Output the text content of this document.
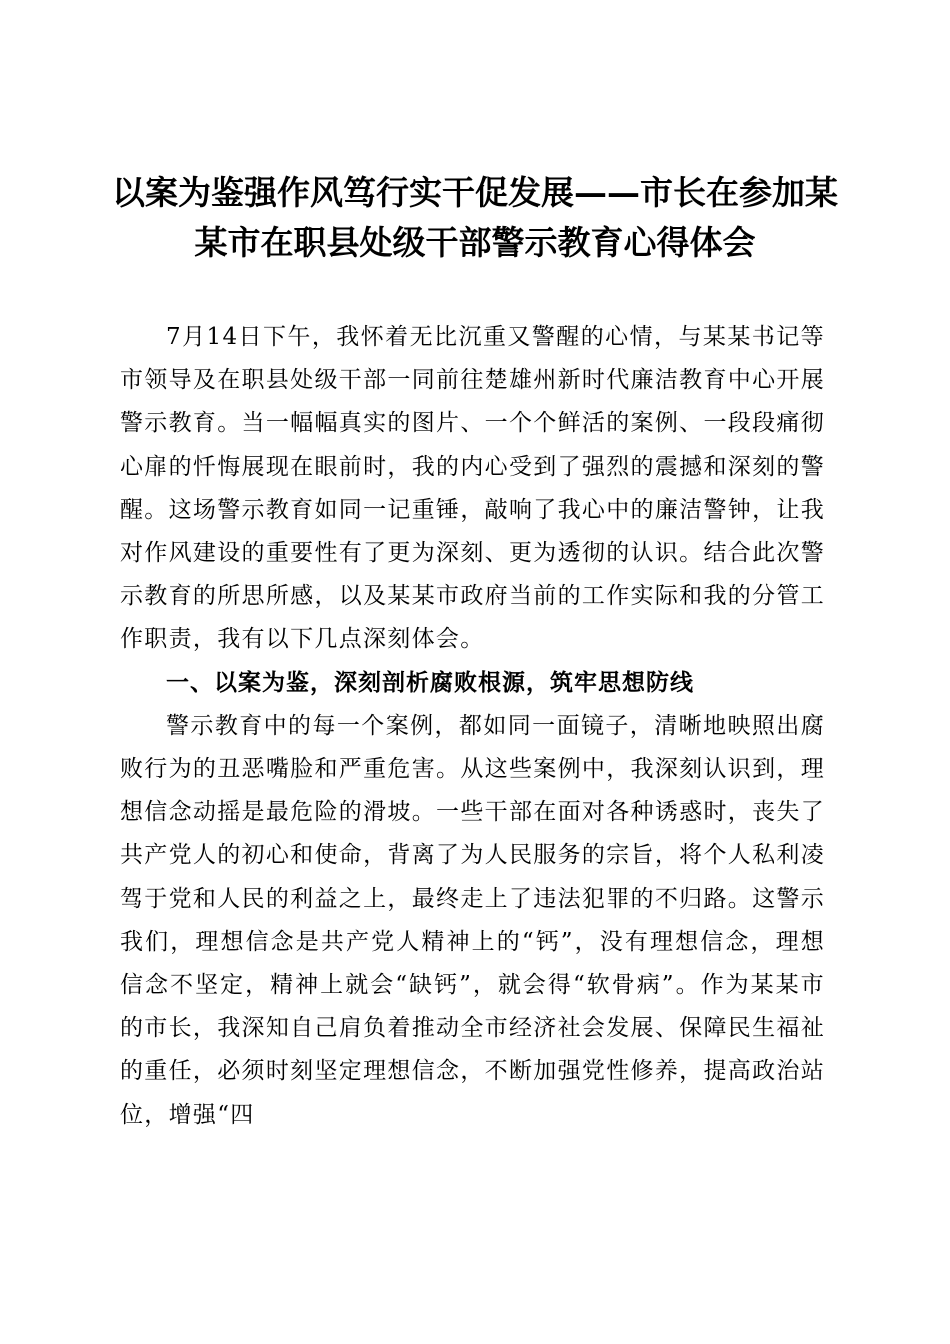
以案为鉴强作风笃行实干促发展——市长在参加某某市在职县处级干部警示教育心得体会

7月14日下午，我怀着无比沉重又警醒的心情，与某某书记等市领导及在职县处级干部一同前往楚雄州新时代廉洁教育中心开展警示教育。当一幅幅真实的图片、一个个鲜活的案例、一段段痛彻心扉的忏悔展现在眼前时，我的内心受到了强烈的震撼和深刻的警醒。这场警示教育如同一记重锤，敲响了我心中的廉洁警钟，让我对作风建设的重要性有了更为深刻、更为透彻的认识。结合此次警示教育的所思所感，以及某某市政府当前的工作实际和我的分管工作职责，我有以下几点深刻体会。

一、以案为鉴，深刻剖析腐败根源，筑牢思想防线

警示教育中的每一个案例，都如同一面镜子，清晰地映照出腐败行为的丑恶嘴脸和严重危害。从这些案例中，我深刻认识到，理想信念动摇是最危险的滑坡。一些干部在面对各种诱惑时，丧失了共产党人的初心和使命，背离了为人民服务的宗旨，将个人私利凌驾于党和人民的利益之上，最终走上了违法犯罪的不归路。这警示我们，理想信念是共产党人精神上的“钙”，没有理想信念，理想信念不坚定，精神上就会“缺钙”，就会得“软骨病”。作为某某市的市长，我深知自己肩负着推动全市经济社会发展、保障民生福祉的重任，必须时刻坚定理想信念，不断加强党性修养，提高政治站位，增强“四
